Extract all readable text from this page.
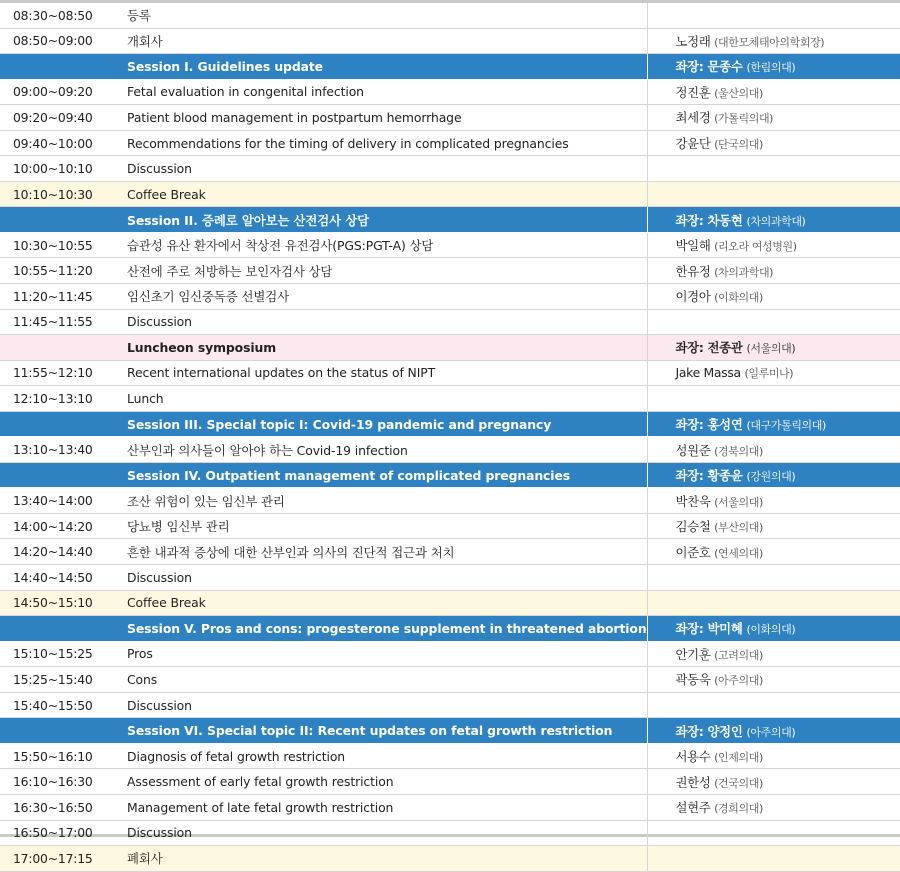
08:30~08:50	등록	
08:50~09:00	개회사	노정래 (대한모체태아의학회장)
	Session I. Guidelines update	좌장: 문종수 (한림의대)
09:00~09:20	Fetal evaluation in congenital infection	정진훈 (울산의대)
09:20~09:40	Patient blood management in postpartum hemorrhage	최세경 (가톨릭의대)
09:40~10:00	Recommendations for the timing of delivery in complicated pregnancies	강윤단 (단국의대)
10:00~10:10	Discussion	
10:10~10:30	Coffee Break	
	Session II. 증례로 알아보는 산전검사 상담	좌장: 차동현 (차의과학대)
10:30~10:55	습관성 유산 환자에서 착상전 유전검사(PGS:PGT-A) 상담	박일해 (리오라 여성병원)
10:55~11:20	산전에 주로 처방하는 보인자검사 상담	한유정 (차의과학대)
11:20~11:45	임신초기 임신중독증 선별검사	이경아 (이화의대)
11:45~11:55	Discussion	
	Luncheon symposium	좌장: 전종관 (서울의대)
11:55~12:10	Recent international updates on the status of NIPT	Jake Massa (일루미나)
12:10~13:10	Lunch	
	Session III. Special topic I: Covid-19 pandemic and pregnancy	좌장: 홍성연 (대구가톨릭의대)
13:10~13:40	산부인과 의사들이 알아야 하는 Covid-19 infection	성원준 (경북의대)
	Session IV. Outpatient management of complicated pregnancies	좌장: 황종윤 (강원의대)
13:40~14:00	조산 위험이 있는 임신부 관리	박찬욱 (서울의대)
14:00~14:20	당뇨병 임신부 관리	김승철 (부산의대)
14:20~14:40	흔한 내과적 증상에 대한 산부인과 의사의 진단적 접근과 처치	이준호 (연세의대)
14:40~14:50	Discussion	
14:50~15:10	Coffee Break	
	Session V. Pros and cons: progesterone supplement in threatened abortion	좌장: 박미혜 (이화의대)
15:10~15:25	Pros	안기훈 (고려의대)
15:25~15:40	Cons	곽동욱 (아주의대)
15:40~15:50	Discussion	
	Session VI. Special topic II: Recent updates on fetal growth restriction	좌장: 양정인 (아주의대)
15:50~16:10	Diagnosis of fetal growth restriction	서용수 (인제의대)
16:10~16:30	Assessment of early fetal growth restriction	권한성 (건국의대)
16:30~16:50	Management of late fetal growth restriction	설현주 (경희의대)
16:50~17:00	Discussion	
17:00~17:15	폐회사	
